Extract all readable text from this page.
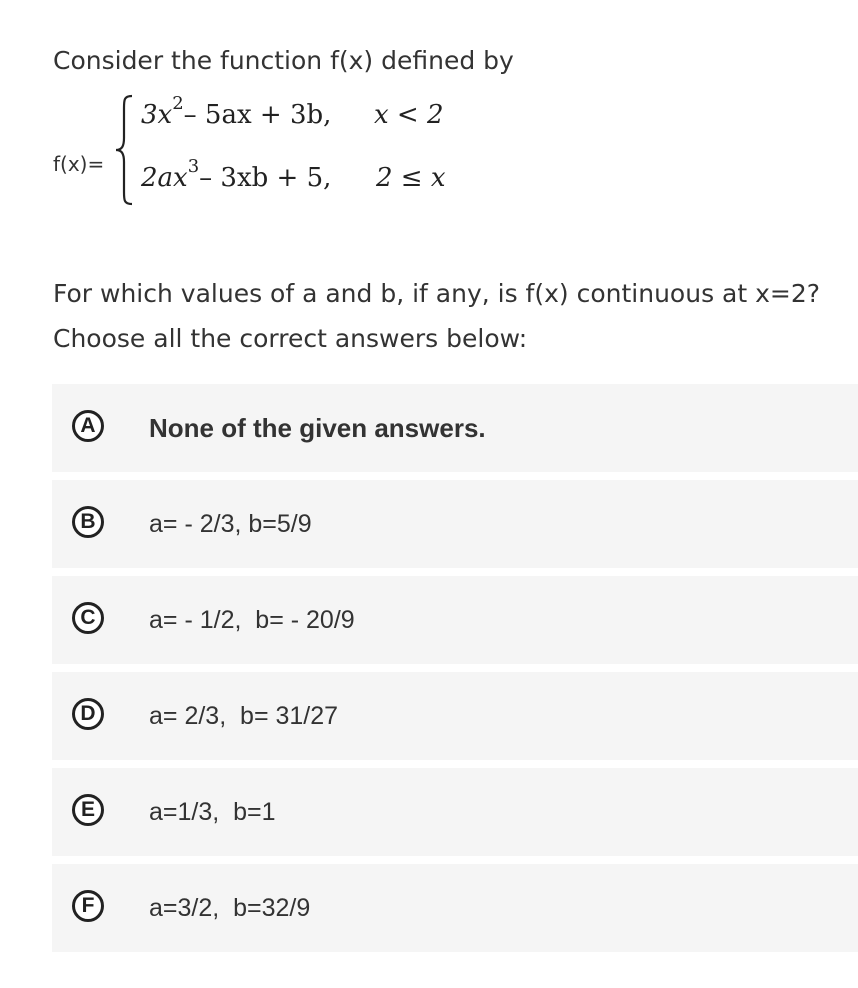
Consider the function f(x) defined by

f(x)=
$3x^2-$ 5ax + 3b, x < 2
$2ax^3-$ 3xb + 5, 2 ≤ x
For which values of a and b, if any, is f(x) continuous at x=2?
Choose all the correct answers below:
A	None of the given answers.
B	a= - 2/3, b=5/9
C	a= - 1/2,  b= - 20/9
D	a= 2/3,  b= 31/27
E	a=1/3,  b=1
F	a=3/2,  b=32/9
